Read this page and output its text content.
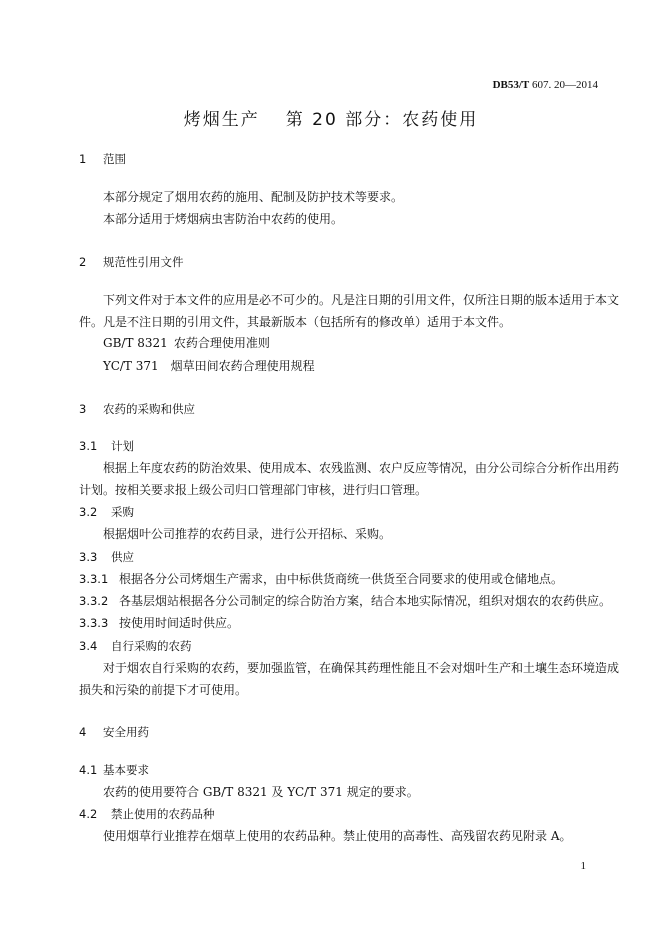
DB53/T 607. 20—2014
烤烟生产 第 20 部分：农药使用
1 范围
本部分规定了烟用农药的施用、配制及防护技术等要求。
本部分适用于烤烟病虫害防治中农药的使用。
2 规范性引用文件
下列文件对于本文件的应用是必不可少的。凡是注日期的引用文件，仅所注日期的版本适用于本文
件。凡是不注日期的引用文件，其最新版本（包括所有的修改单）适用于本文件。
GB/T 8321 农药合理使用准则
YC/T 371 烟草田间农药合理使用规程
3 农药的采购和供应
3.1 计划
根据上年度农药的防治效果、使用成本、农残监测、农户反应等情况，由分公司综合分析作出用药
计划。按相关要求报上级公司归口管理部门审核，进行归口管理。
3.2 采购
根据烟叶公司推荐的农药目录，进行公开招标、采购。
3.3 供应
3.3.1 根据各分公司烤烟生产需求，由中标供货商统一供货至合同要求的使用或仓储地点。
3.3.2 各基层烟站根据各分公司制定的综合防治方案，结合本地实际情况，组织对烟农的农药供应。
3.3.3 按使用时间适时供应。
3.4 自行采购的农药
对于烟农自行采购的农药，要加强监管，在确保其药理性能且不会对烟叶生产和土壤生态环境造成
损失和污染的前提下才可使用。
4 安全用药
4.1 基本要求
农药的使用要符合 GB/T 8321 及 YC/T 371 规定的要求。
4.2 禁止使用的农药品种
使用烟草行业推荐在烟草上使用的农药品种。禁止使用的高毒性、高残留农药见附录 A。
1
